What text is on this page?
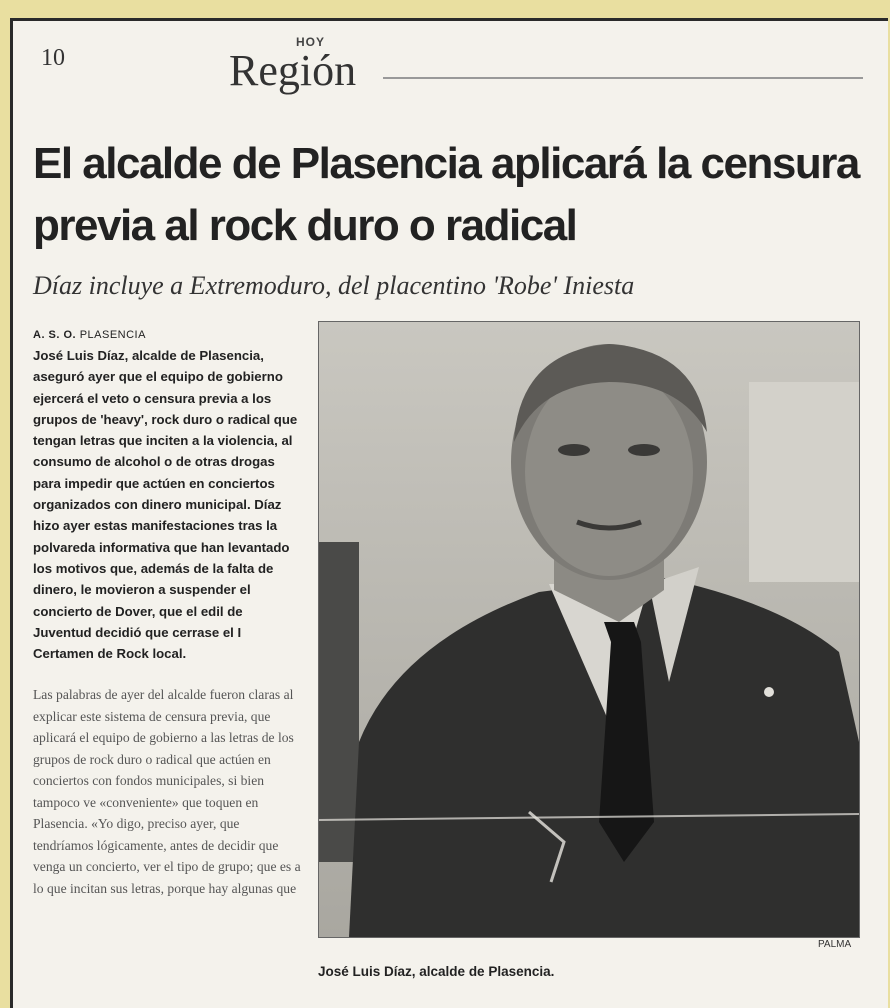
10
HOY
Región
El alcalde de Plasencia aplicará la censura previa al rock duro o radical
Díaz incluye a Extremoduro, del placentino 'Robe' Iniesta
A. S. O. PLASENCIA

José Luis Díaz, alcalde de Plasencia, aseguró ayer que el equipo de gobierno ejercerá el veto o censura previa a los grupos de 'heavy', rock duro o radical que tengan letras que inciten a la violencia, al consumo de alcohol o de otras drogas para impedir que actúen en conciertos organizados con dinero municipal. Díaz hizo ayer estas manifestaciones tras la polvareda informativa que han levantado los motivos que, además de la falta de dinero, le movieron a suspender el concierto de Dover, que el edil de Juventud decidió que cerrase el I Certamen de Rock local.

Las palabras de ayer del alcalde fueron claras al explicar este sistema de censura previa, que aplicará el equipo de gobierno a las letras de los grupos de rock duro o radical que actúen en conciertos con fondos municipales, si bien tampoco ve «conveniente» que toquen en Plasencia. «Yo digo, preciso ayer, que tendríamos lógicamente, antes de decidir que venga un concierto, ver el tipo de grupo; que es a lo que incitan sus letras, porque hay algunas que
PALMA
José Luis Díaz, alcalde de Plasencia.
